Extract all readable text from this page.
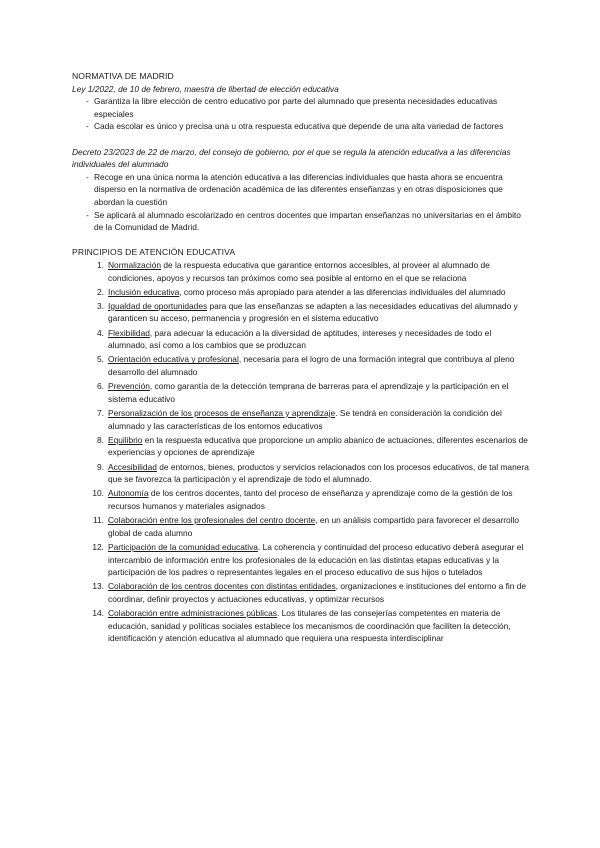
NORMATIVA DE MADRID

Ley 1/2022, de 10 de febrero, maestra de libertad de elección educativa

- Garantiza la libre elección de centro educativo por parte del alumnado que presenta necesidades educativas especiales
- Cada escolar es único y precisa una u otra respuesta educativa que depende de una alta variedad de factores

Decreto 23/2023 de 22 de marzo, del consejo de gobierno, por el que se regula la atención educativa a las diferencias individuales del alumnado

- Recoge en una única norma la atención educativa a las diferencias individuales que hasta ahora se encuentra disperso en la normativa de ordenación académica de las diferentes enseñanzas y en otras disposiciones que abordan la cuestión
- Se aplicará al alumnado escolarizado en centros docentes que impartan enseñanzas no universitarias en el ámbito de la Comunidad de Madrid.

PRINCIPIOS DE ATENCIÓN EDUCATIVA

1. Normalización de la respuesta educativa que garantice entornos accesibles, al proveer al alumnado de condiciones, apoyos y recursos tan próximos como sea posible al entorno en el que se relaciona
2. Inclusión educativa, como proceso más apropiado para atender a las diferencias individuales del alumnado
3. Igualdad de oportunidades para que las enseñanzas se adapten a las necesidades educativas del alumnado y garanticen su acceso, permanencia y progresión en el sistema educativo
4. Flexibilidad, para adecuar la educación a la diversidad de aptitudes, intereses y necesidades de todo el alumnado, así como a los cambios que se produzcan
5. Orientación educativa y profesional, necesaria para el logro de una formación integral que contribuya al pleno desarrollo del alumnado
6. Prevención, como garantía de la detección temprana de barreras para el aprendizaje y la participación en el sistema educativo
7. Personalización de los procesos de enseñanza y aprendizaje. Se tendrá en consideración la condición del alumnado y las características de los entornos educativos
8. Equilibrio en la respuesta educativa que proporcione un amplio abanico de actuaciones, diferentes escenarios de experiencias y opciones de aprendizaje
9. Accesibilidad de entornos, bienes, productos y servicios relacionados con los procesos educativos, de tal manera que se favorezca la participación y el aprendizaje de todo el alumnado.
10. Autonomía de los centros docentes, tanto del proceso de enseñanza y aprendizaje como de la gestión de los recursos humanos y materiales asignados
11. Colaboración entre los profesionales del centro docente, en un análisis compartido para favorecer el desarrollo global de cada alumno
12. Participación de la comunidad educativa. La coherencia y continuidad del proceso educativo deberá asegurar el intercambio de información entre los profesionales de la educación en las distintas etapas educativas y la participación de los padres o representantes legales en el proceso educativo de sus hijos o tutelados
13. Colaboración de los centros docentes con distintas entidades, organizaciones e instituciones del entorno a fin de coordinar, definir proyectos y actuaciones educativas, y optimizar recursos
14. Colaboración entre administraciones públicas. Los titulares de las consejerías competentes en materia de educación, sanidad y políticas sociales establece los mecanismos de coordinación que faciliten la detección, identificación y atención educativa al alumnado que requiera una respuesta interdisciplinar
